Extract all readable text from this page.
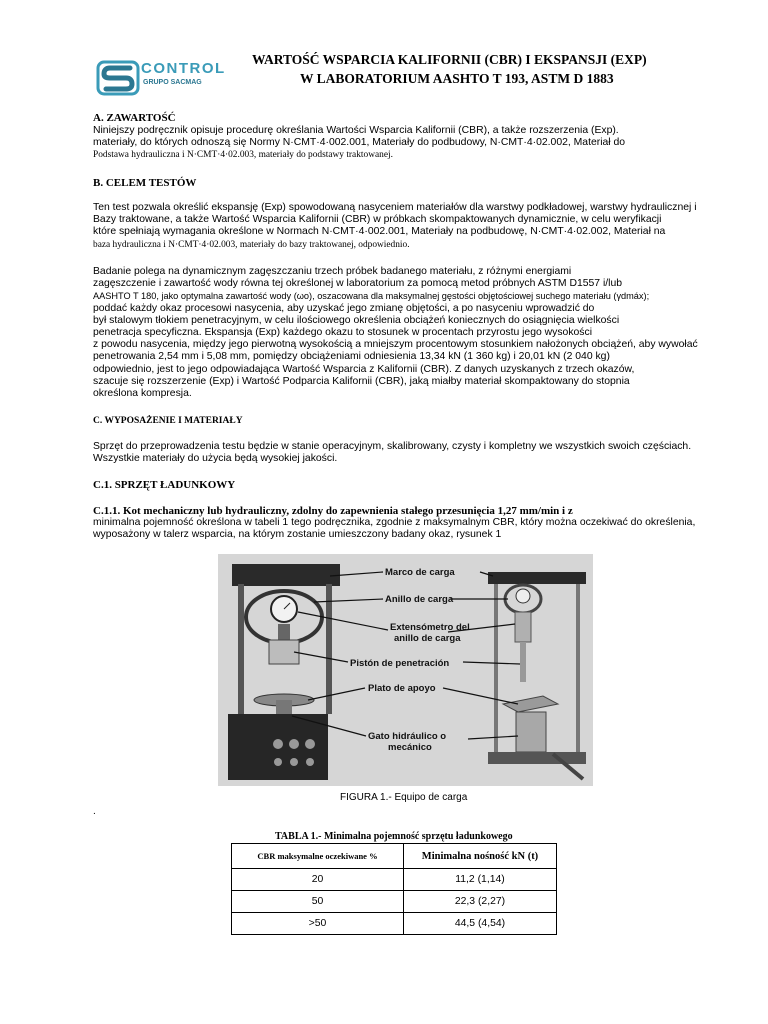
CONTROL
GRUPO SACMAG
WARTOŚĆ WSPARCIA KALIFORNII (CBR) I EKSPANSJI (EXP)
W LABORATORIUM AASHTO T 193, ASTM D 1883
A. ZAWARTOŚĆ
Niniejszy podręcznik opisuje procedurę określania Wartości Wsparcia Kalifornii (CBR), a także rozszerzenia (Exp).
materiały, do których odnoszą się Normy N·CMT·4·002.001, Materiały do podbudowy, N·CMT·4·02.002, Materiał do
Podstawa hydrauliczna i N·CMT·4·02.003, materiały do podstawy traktowanej.
B. CELEM TESTÓW
Ten test pozwala określić ekspansję (Exp) spowodowaną nasyceniem materiałów dla warstwy podkładowej, warstwy hydraulicznej i
Bazy traktowane, a także Wartość Wsparcia Kalifornii (CBR) w próbkach skompaktowanych dynamicznie, w celu weryfikacji
które spełniają wymagania określone w Normach N·CMT·4·002.001, Materiały na podbudowę, N·CMT·4·02.002, Materiał na
baza hydrauliczna i N·CMT·4·02.003, materiały do bazy traktowanej, odpowiednio.
Badanie polega na dynamicznym zagęszczaniu trzech próbek badanego materiału, z różnymi energiami
zagęszczenie i zawartość wody równa tej określonej w laboratorium za pomocą metod próbnych ASTM D1557 i/lub
AASHTO T 180, jako optymalna zawartość wody (ωo), oszacowana dla maksymalnej gęstości objętościowej suchego materiału (γdmáx);
poddać każdy okaz procesowi nasycenia, aby uzyskać jego zmianę objętości, a po nasyceniu wprowadzić do
był stalowym tłokiem penetracyjnym, w celu ilościowego określenia obciążeń koniecznych do osiągnięcia wielkości
penetracja specyficzna. Ekspansja (Exp) każdego okazu to stosunek w procentach przyrostu jego wysokości
z powodu nasycenia, między jego pierwotną wysokością a mniejszym procentowym stosunkiem nałożonych obciążeń, aby wywołać
penetrowania 2,54 mm i 5,08 mm, pomiędzy obciążeniami odniesienia 13,34 kN (1 360 kg) i 20,01 kN (2 040 kg)
odpowiednio, jest to jego odpowiadająca Wartość Wsparcia z Kalifornii (CBR). Z danych uzyskanych z trzech okazów,
szacuje się rozszerzenie (Exp) i Wartość Podparcia Kalifornii (CBR), jaką miałby materiał skompaktowany do stopnia
określona kompresja.
C. WYPOSAŻENIE I MATERIAŁY
Sprzęt do przeprowadzenia testu będzie w stanie operacyjnym, skalibrowany, czysty i kompletny we wszystkich swoich częściach.
Wszystkie materiały do użycia będą wysokiej jakości.
C.1. SPRZĘT ŁADUNKOWY
C.1.1. Kot mechaniczny lub hydrauliczny, zdolny do zapewnienia stałego przesunięcia 1,27 mm/min i z
minimalna pojemność określona w tabeli 1 tego podręcznika, zgodnie z maksymalnym CBR, który można oczekiwać do określenia,
wyposażony w talerz wsparcia, na którym zostanie umieszczony badany okaz, rysunek 1
Marco de carga
Anillo de carga
Extensómetro del
anillo de carga
Pistón de penetración
Plato de apoyo
Gato hidráulico o
mecánico
FIGURA 1.- Equipo de carga
.
TABLA 1.- Minimalna pojemność sprzętu ładunkowego
CBR maksymalne oczekiwane %	Minimalna nośność kN (t)
20	11,2 (1,14)
50	22,3 (2,27)
>50	44,5 (4,54)
